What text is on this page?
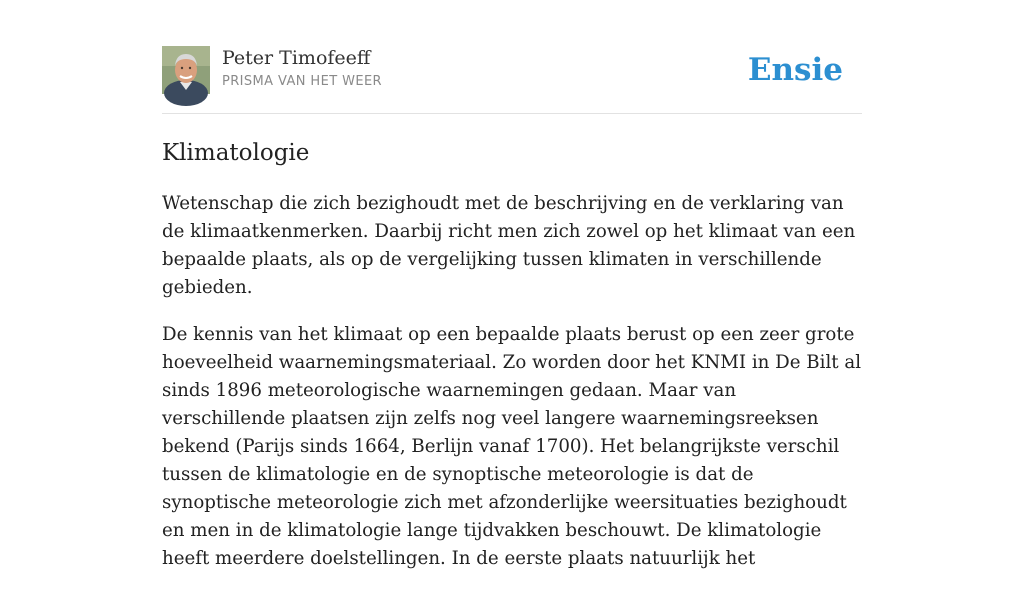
Peter Timofeeff
PRISMA VAN HET WEER	Ensie
Klimatologie

Wetenschap die zich bezighoudt met de beschrijving en de verklaring van de klimaatkenmerken. Daarbij richt men zich zowel op het klimaat van een bepaalde plaats, als op de vergelijking tussen klimaten in verschillende gebieden.

De kennis van het klimaat op een bepaalde plaats berust op een zeer grote hoeveelheid waarnemingsmateriaal. Zo worden door het KNMI in De Bilt al sinds 1896 meteorologische waarnemingen gedaan. Maar van verschillende plaatsen zijn zelfs nog veel langere waarnemingsreeksen bekend (Parijs sinds 1664, Berlijn vanaf 1700). Het belangrijkste verschil tussen de klimatologie en de synoptische meteorologie is dat de synoptische meteorologie zich met afzonderlijke weersituaties bezighoudt en men in de klimatologie lange tijdvakken beschouwt. De klimatologie heeft meerdere doelstellingen. In de eerste plaats natuurlijk het
